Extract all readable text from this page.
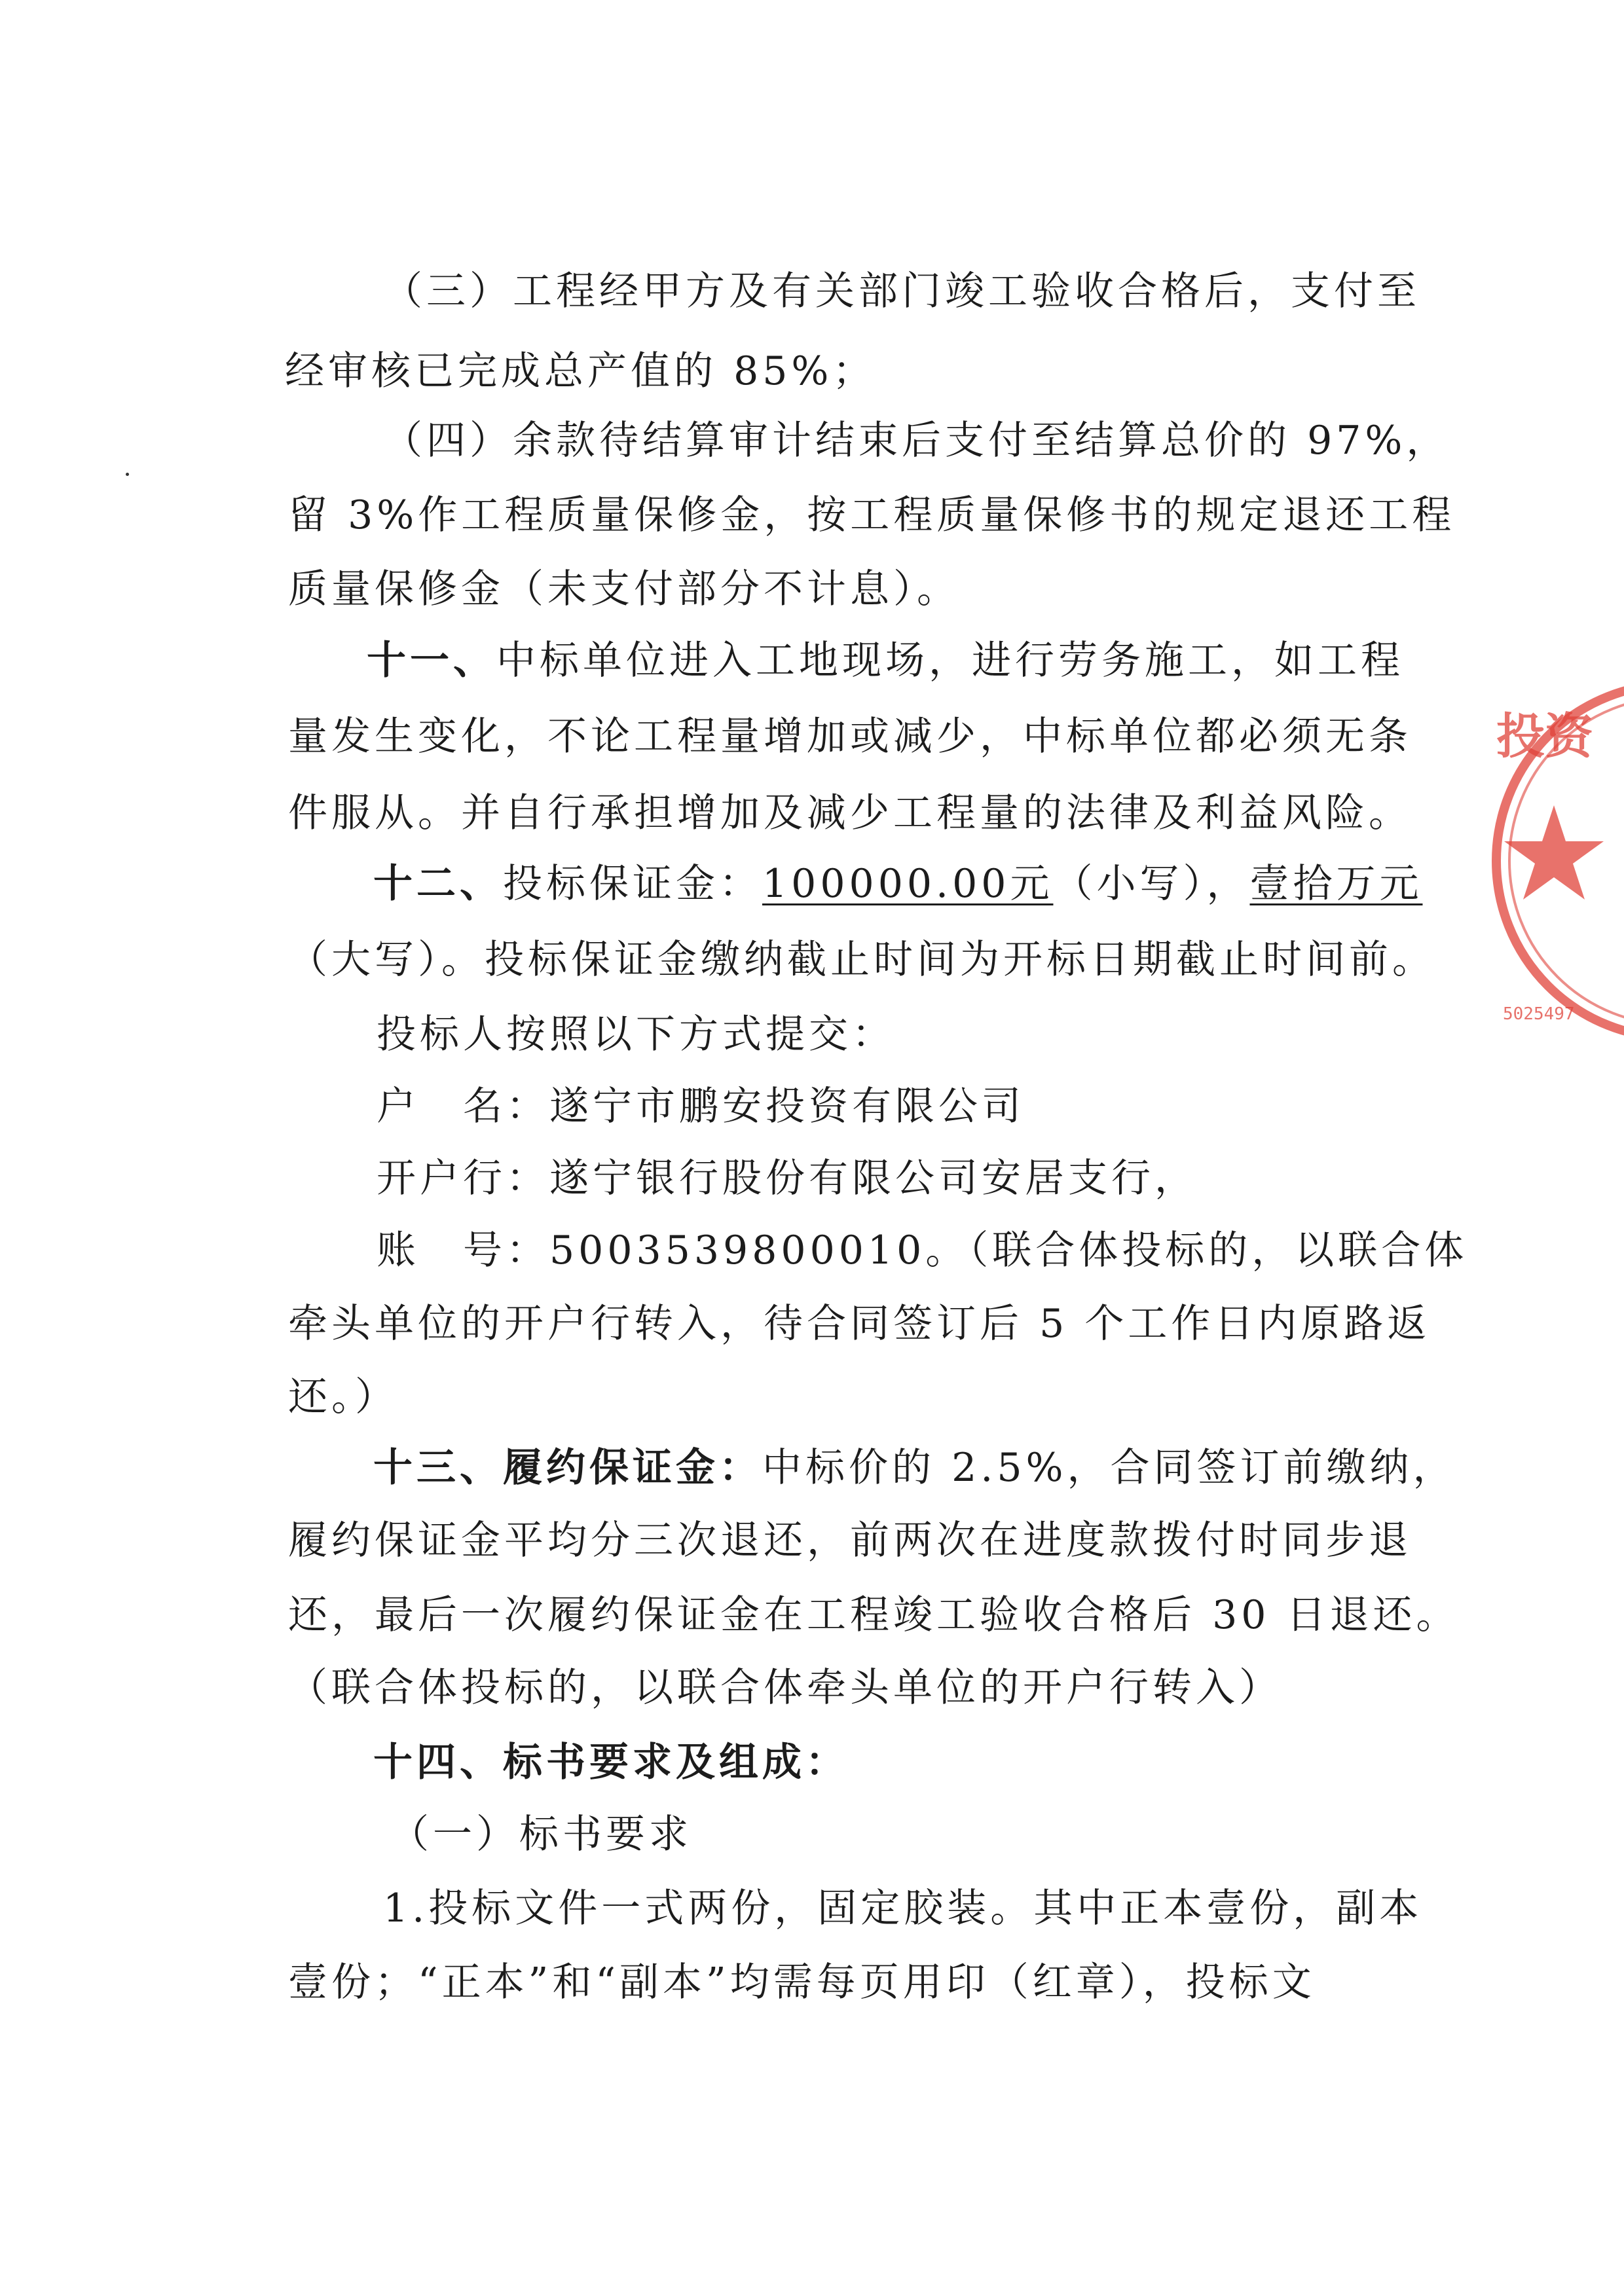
（三）工程经甲方及有关部门竣工验收合格后，支付至
经审核已完成总产值的 85%；
（四）余款待结算审计结束后支付至结算总价的 97%，
留 3%作工程质量保修金，按工程质量保修书的规定退还工程
质量保修金（未支付部分不计息）。
十一、中标单位进入工地现场，进行劳务施工，如工程
量发生变化，不论工程量增加或减少，中标单位都必须无条
件服从。并自行承担增加及减少工程量的法律及利益风险。
十二、投标保证金：100000.00元（小写），壹拾万元
（大写）。投标保证金缴纳截止时间为开标日期截止时间前。
投标人按照以下方式提交：
户　名：遂宁市鹏安投资有限公司
开户行：遂宁银行股份有限公司安居支行，
账　号：5003539800010。（联合体投标的，以联合体
牵头单位的开户行转入，待合同签订后 5 个工作日内原路返
还。）
十三、履约保证金：中标价的 2.5%，合同签订前缴纳，
履约保证金平均分三次退还，前两次在进度款拨付时同步退
还，最后一次履约保证金在工程竣工验收合格后 30 日退还。
（联合体投标的，以联合体牵头单位的开户行转入）
十四、标书要求及组成：
（一）标书要求
1.投标文件一式两份，固定胶装。其中正本壹份，副本
壹份；“正本”和“副本”均需每页用印（红章），投标文
投资
5025497
